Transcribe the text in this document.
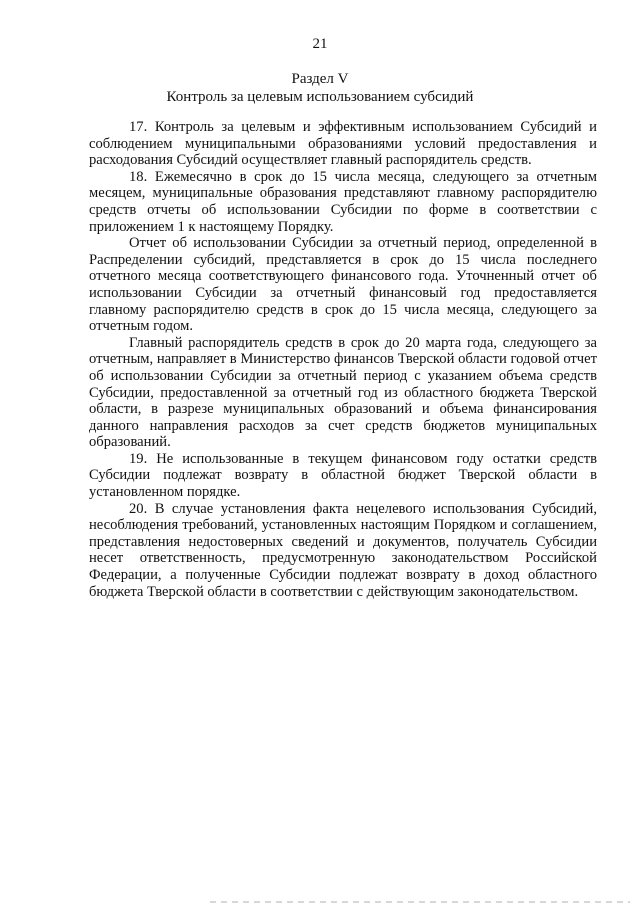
21
Раздел V
Контроль за целевым использованием субсидий

17. Контроль за целевым и эффективным использованием Субсидий и соблюдением муниципальными образованиями условий предоставления и расходования Субсидий осуществляет главный распорядитель средств.

18. Ежемесячно в срок до 15 числа месяца, следующего за отчетным месяцем, муниципальные образования представляют главному распорядителю средств отчеты об использовании Субсидии по форме в соответствии с приложением 1 к настоящему Порядку.

Отчет об использовании Субсидии за отчетный период, определенной в Распределении субсидий, представляется в срок до 15 числа последнего отчетного месяца соответствующего финансового года. Уточненный отчет об использовании Субсидии за отчетный финансовый год предоставляется главному распорядителю средств в срок до 15 числа месяца, следующего за отчетным годом.

Главный распорядитель средств в срок до 20 марта года, следующего за отчетным, направляет в Министерство финансов Тверской области годовой отчет об использовании Субсидии за отчетный период с указанием объема средств Субсидии, предоставленной за отчетный год из областного бюджета Тверской области, в разрезе муниципальных образований и объема финансирования данного направления расходов за счет средств бюджетов муниципальных образований.

19. Не использованные в текущем финансовом году остатки средств Субсидии подлежат возврату в областной бюджет Тверской области в установленном порядке.

20. В случае установления факта нецелевого использования Субсидий, несоблюдения требований, установленных настоящим Порядком и соглашением, представления недостоверных сведений и документов, получатель Субсидии несет ответственность, предусмотренную законодательством Российской Федерации, а полученные Субсидии подлежат возврату в доход областного бюджета Тверской области в соответствии с действующим законодательством.
